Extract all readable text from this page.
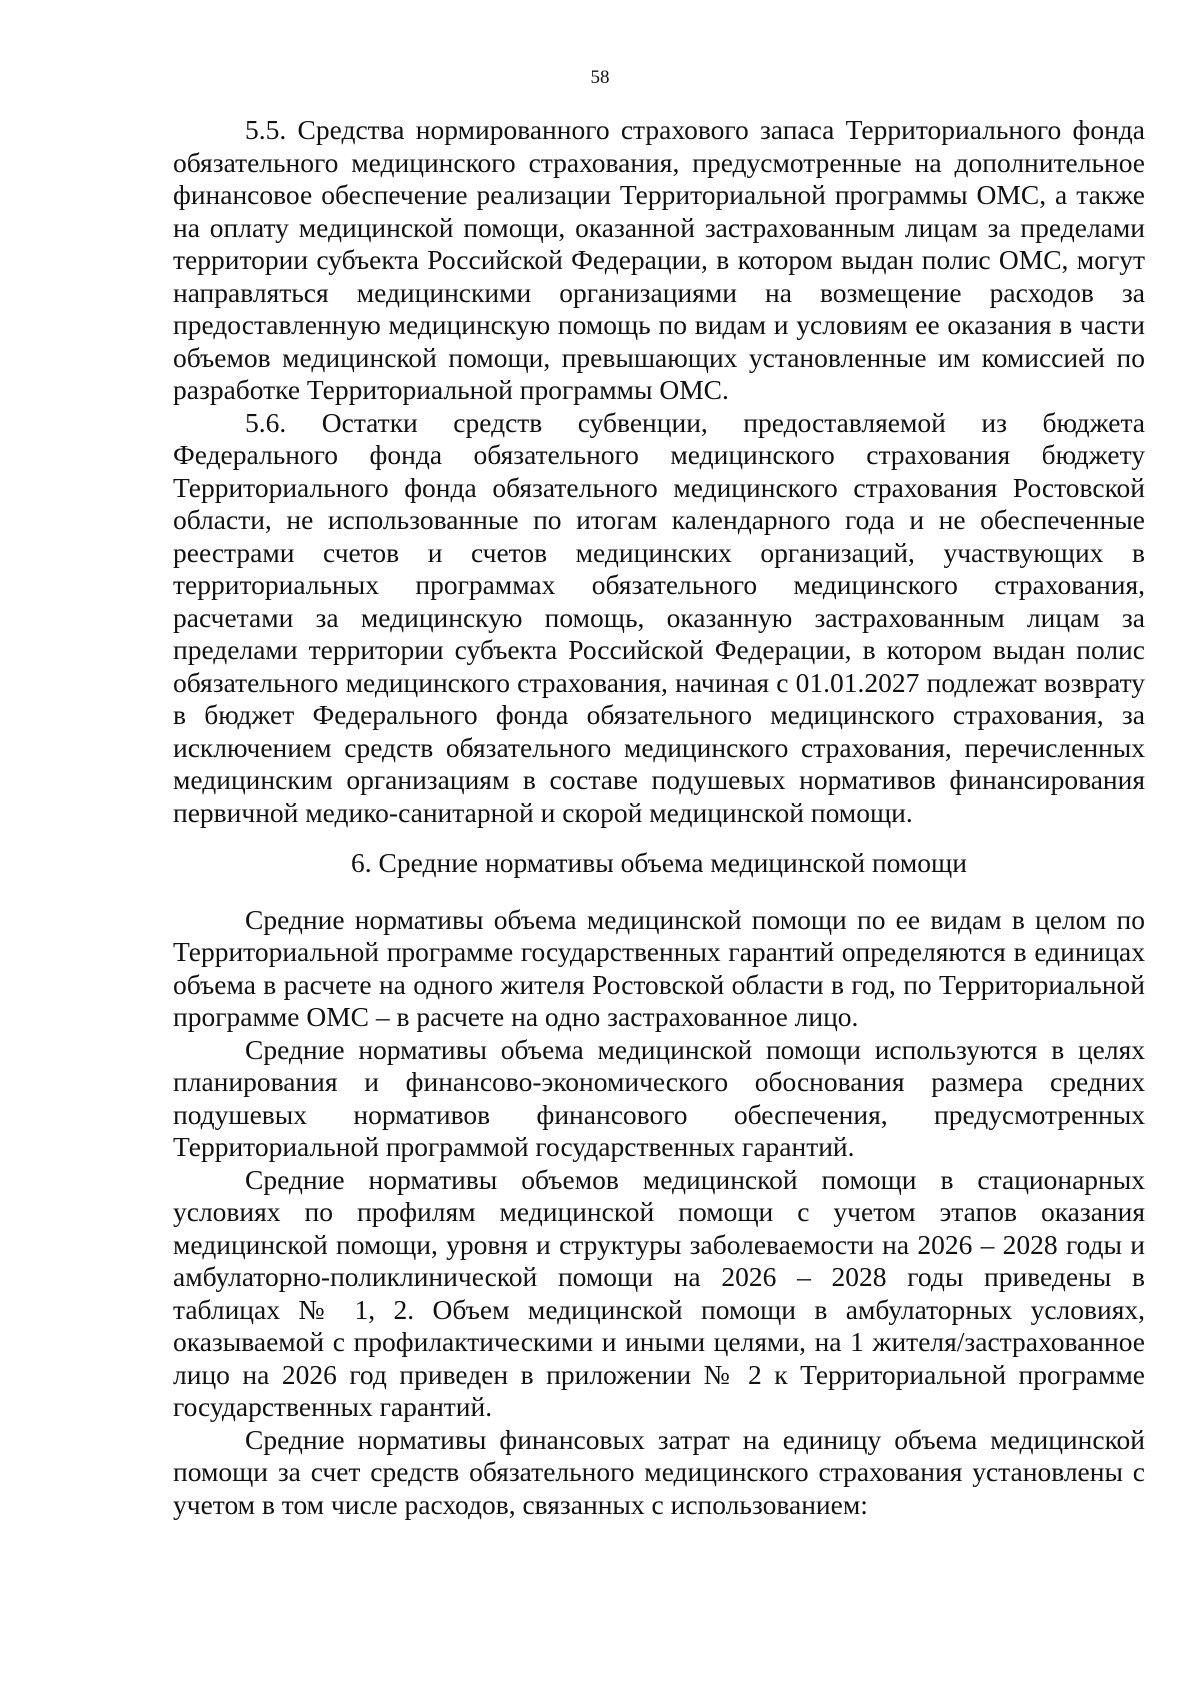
58

5.5. Средства нормированного страхового запаса Территориального фонда обязательного медицинского страхования, предусмотренные на дополнительное финансовое обеспечение реализации Территориальной программы ОМС, а также на оплату медицинской помощи, оказанной застрахованным лицам за пределами территории субъекта Российской Федерации, в котором выдан полис ОМС, могут направляться медицинскими организациями на возмещение расходов за предоставленную медицинскую помощь по видам и условиям ее оказания в части объемов медицинской помощи, превышающих установленные им комиссией по разработке Территориальной программы ОМС.

5.6. Остатки средств субвенции, предоставляемой из бюджета Федерального фонда обязательного медицинского страхования бюджету Территориального фонда обязательного медицинского страхования Ростовской области, не использованные по итогам календарного года и не обеспеченные реестрами счетов и счетов медицинских организаций, участвующих в территориальных программах обязательного медицинского страхования, расчетами за медицинскую помощь, оказанную застрахованным лицам за пределами территории субъекта Российской Федерации, в котором выдан полис обязательного медицинского страхования, начиная с 01.01.2027 подлежат возврату в бюджет Федерального фонда обязательного медицинского страхования, за исключением средств обязательного медицинского страхования, перечисленных медицинским организациям в составе подушевых нормативов финансирования первичной медико-санитарной и скорой медицинской помощи.

6. Средние нормативы объема медицинской помощи

Средние нормативы объема медицинской помощи по ее видам в целом по Территориальной программе государственных гарантий определяются в единицах объема в расчете на одного жителя Ростовской области в год, по Территориальной программе ОМС – в расчете на одно застрахованное лицо.

Средние нормативы объема медицинской помощи используются в целях планирования и финансово-экономического обоснования размера средних подушевых нормативов финансового обеспечения, предусмотренных Территориальной программой государственных гарантий.

Средние нормативы объемов медицинской помощи в стационарных условиях по профилям медицинской помощи с учетом этапов оказания медицинской помощи, уровня и структуры заболеваемости на 2026 – 2028 годы и амбулаторно-поликлинической помощи на 2026 – 2028 годы приведены в таблицах № 1, 2. Объем медицинской помощи в амбулаторных условиях, оказываемой с профилактическими и иными целями, на 1 жителя/застрахованное лицо на 2026 год приведен в приложении № 2 к Территориальной программе государственных гарантий.

Средние нормативы финансовых затрат на единицу объема медицинской помощи за счет средств обязательного медицинского страхования установлены с учетом в том числе расходов, связанных с использованием:
